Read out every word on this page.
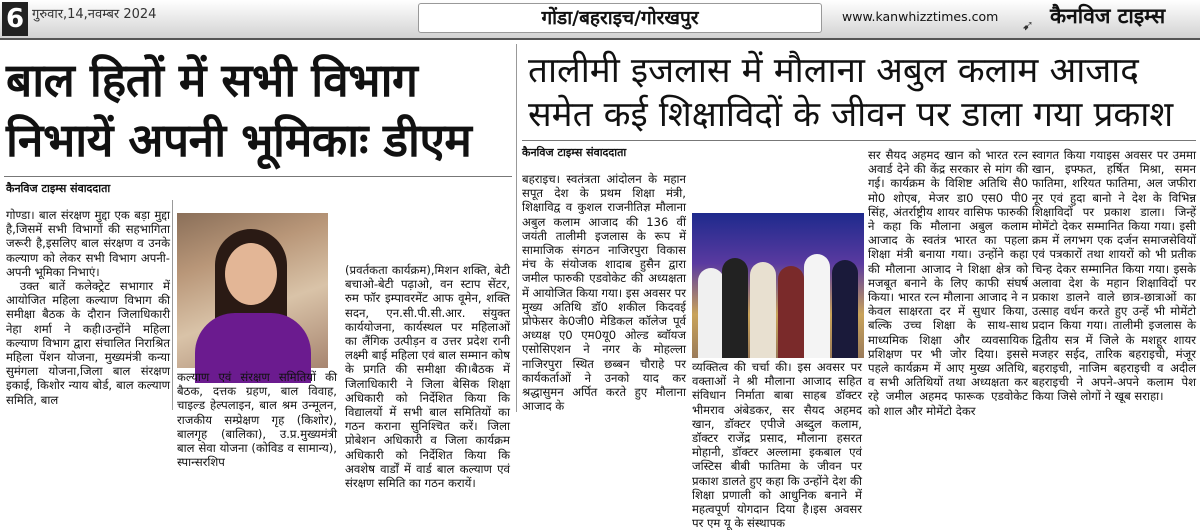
6 गुरुवार,14,नवम्बर 2024	गोंडा/बहराइच/गोरखपुर	www.kanwhizztimes.com
➹ कैनविज टाइम्स
बाल हितों में सभी विभाग
निभायें अपनी भूमिकाः डीएम
कैनविज टाइम्स संवाददाता

गोण्डा। बाल संरक्षण मुद्दा एक बड़ा मुद्दा है,जिसमें सभी विभागों की सहभागिता जरूरी है,इसलिए बाल संरक्षण व उनके कल्याण को लेकर सभी विभाग अपनी-अपनी भूमिका निभाएं।

उक्त बातें कलेक्ट्रेट सभागार में आयोजित महिला कल्याण विभाग की समीक्षा बैठक के दौरान जिलाधिकारी नेहा शर्मा ने कही।उन्होंने महिला कल्याण विभाग द्वारा संचालित निराश्रित महिला पेंशन योजना, मुख्यमंत्री कन्या सुमंगला योजना,जिला बाल संरक्षण इकाई, किशोर न्याय बोर्ड, बाल कल्याण समिति, बाल

कल्याण एवं संरक्षण समितियों की बैठक, दत्तक ग्रहण, बाल विवाह, चाइल्ड हेल्पलाइन, बाल श्रम उन्मूलन, राजकीय सम्प्रेक्षण गृह (किशोर), बालगृह (बालिका), उ.प्र.मुख्यमंत्री बाल सेवा योजना (कोविड व सामान्य), स्पान्सरशिप

(प्रवर्तकता कार्यक्रम),मिशन शक्ति, बेटी बचाओ-बेटी पढ़ाओ, वन स्टाप सेंटर, रुम फॉर इम्पावरमेंट आफ वूमेन, शक्ति सदन, एन.सी.पी.सी.आर. संयुक्त कार्ययोजना, कार्यस्थल पर महिलाओं का लैंगिक उत्पीड़न व उत्तर प्रदेश रानी लक्ष्मी बाई महिला एवं बाल सम्मान कोष के प्रगति की समीक्षा की।बैठक में जिलाधिकारी ने जिला बेसिक शिक्षा अधिकारी को निर्देशित किया कि विद्यालयों में सभी बाल समितियों का गठन कराना सुनिश्चित करें। जिला प्रोबेशन अधिकारी व जिला कार्यक्रम अधिकारी को निर्देशित किया कि अवशेष वार्डों में वार्ड बाल कल्याण एवं संरक्षण समिति का गठन करायें।

तालीमी इजलास में मौलाना अबुल कलाम आजाद
समेत कई शिक्षाविदों के जीवन पर डाला गया प्रकाश
कैनविज टाइम्स संवाददाता

बहराइच। स्वतंत्रता आंदोलन के महान सपूत देश के प्रथम शिक्षा मंत्री, शिक्षाविद्व व कुशल राजनीतिज्ञ मौलाना अबुल कलाम आजाद की 136 वीं जयंती तालीमी इजलास के रूप में सामाजिक संगठन नाजिरपुरा विकास मंच के संयोजक शादाब हुसैन द्वारा जमील फारुकी एडवोकेट की अध्यक्षता में आयोजित किया गया। इस अवसर पर मुख्य अतिथि डॉ0 शकील किदवई प्रोफेसर के0जी0 मेडिकल कॉलेज पूर्व अध्यक्ष ए0 एम0यू0 ओल्ड ब्वॉयज एसोसिएशन ने नगर के मोहल्ला नाजिरपुरा स्थित छब्बन चौराहे पर कार्यकर्ताओं ने उनको याद कर श्रद्धासुमन अर्पित करते हुए मौलाना आजाद के

व्यक्तित्व की चर्चा की। इस अवसर पर वक्ताओं ने श्री मौलाना आजाद सहित संविधान निर्माता बाबा साहब डॉक्टर भीमराव अंबेडकर, सर सैयद अहमद खान, डॉक्टर एपीजे अब्दुल कलाम, डॉक्टर राजेंद्र प्रसाद, मौलाना हसरत मोहानी, डॉक्टर अल्लामा इकबाल एवं जस्टिस बीबी फातिमा के जीवन पर प्रकाश डालते हुए कहा कि उन्होंने देश की शिक्षा प्रणाली को आधुनिक बनाने में महत्वपूर्ण योगदान दिया है।इस अवसर पर एम यू के संस्थापक

सर सैयद अहमद खान को भारत रत्न अवार्ड देने की केंद्र सरकार से मांग की गई। कार्यक्रम के विशिष्ट अतिथि सै0 मो0 शोएब, मेजर डा0 एस0 पी0 सिंह, अंतर्राष्ट्रीय शायर वासिफ फारुकी ने कहा कि मौलाना अबुल कलाम आजाद के स्वतंत्र भारत का पहला शिक्षा मंत्री बनाया गया। उन्होंने कहा की मौलाना आजाद ने शिक्षा क्षेत्र को मजबूत बनाने के लिए काफी संघर्ष किया। भारत रत्न मौलाना आजाद ने न केवल साक्षरता दर में सुधार किया, बल्कि उच्च शिक्षा के साथ-साथ माध्यमिक शिक्षा और व्यवसायिक प्रशिक्षण पर भी जोर दिया। इससे पहले कार्यक्रम में आए मुख्य अतिथि, व सभी अतिथियों तथा अध्यक्षता कर रहे जमील अहमद फारूक एडवोकेट को शाल और मोमेंटो देकर

स्वागत किया गयाइस अवसर पर उममा खान, इफ्फत, हर्षित मिश्रा, समन फातिमा, शरियत फातिमा, अल जफीरा नूर एवं हुदा बानो ने देश के विभिन्न शिक्षाविदों पर प्रकाश डाला। जिन्हें मोमेंटो देकर सम्मानित किया गया। इसी क्रम में लगभग एक दर्जन समाजसेवियों एवं पत्रकारों तथा शायरों को भी प्रतीक चिन्ह देकर सम्मानित किया गया। इसके अलावा देश के महान शिक्षाविदों पर प्रकाश डालने वाले छात्र-छात्राओं का उत्साह वर्धन करते हुए उन्हें भी मोमेंटो प्रदान किया गया। तालीमी इजलास के द्वितीय सत्र में जिले के मशहूर शायर मजहर सईद, तारिक बहराइची, मंजूर बहराइची, नाजिम बहराइची व अदील बहराइची ने अपने-अपने कलाम पेश किया जिसे लोगों ने खूब सराहा।
